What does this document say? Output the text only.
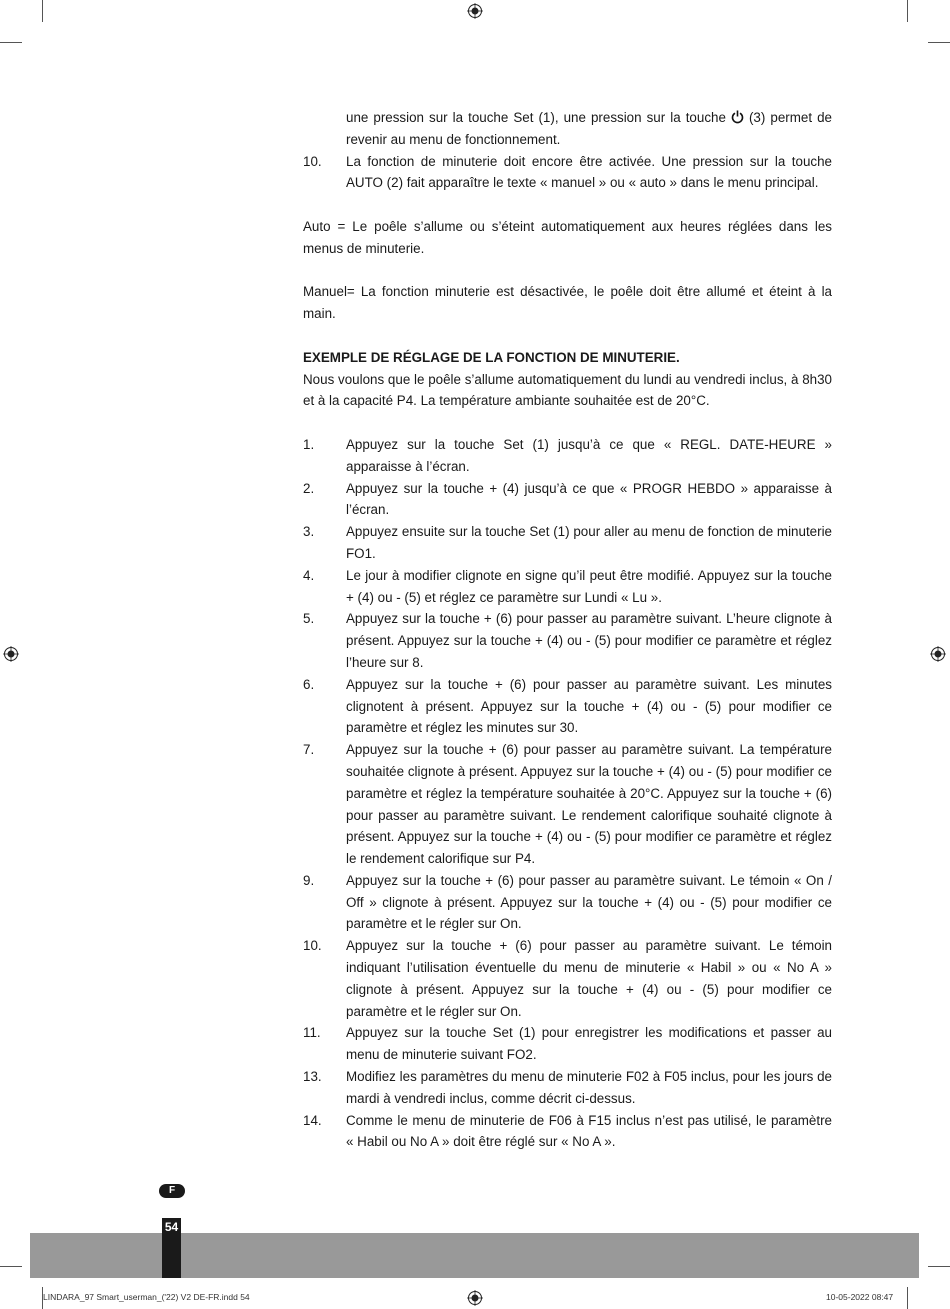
une pression sur la touche Set (1), une pression sur la touche  (3) permet de revenir au menu de fonctionnement.

10.	La fonction de minuterie doit encore être activée. Une pression sur la touche AUTO (2) fait apparaître le texte « manuel » ou « auto » dans le menu principal.

Auto = Le poêle s’allume ou s’éteint automatiquement aux heures réglées dans les menus de minuterie.

Manuel= La fonction minuterie est désactivée, le poêle doit être allumé et éteint à la main.

EXEMPLE DE RÉGLAGE DE LA FONCTION DE MINUTERIE.

Nous voulons que le poêle s’allume automatiquement du lundi au vendredi inclus, à 8h30 et à la capacité P4. La température ambiante souhaitée est de 20°C.

1.	Appuyez sur la touche Set (1) jusqu’à ce que « REGL. DATE-HEURE » apparaisse à l’écran.
2.	Appuyez sur la touche + (4) jusqu’à ce que « PROGR HEBDO » apparaisse à l’écran.
3.	Appuyez ensuite sur la touche Set (1) pour aller au menu de fonction de minuterie FO1.
4.	Le jour à modifier clignote en signe qu’il peut être modifié. Appuyez sur la touche + (4) ou - (5) et réglez ce paramètre sur Lundi « Lu ».
5.	Appuyez sur la touche + (6) pour passer au paramètre suivant. L’heure clignote à présent. Appuyez sur la touche + (4) ou - (5) pour modifier ce paramètre et réglez l’heure sur 8.
6.	Appuyez sur la touche + (6) pour passer au paramètre suivant. Les minutes clignotent à présent. Appuyez sur la touche + (4) ou - (5) pour modifier ce paramètre et réglez les minutes sur 30.
7.	Appuyez sur la touche + (6) pour passer au paramètre suivant. La température souhaitée clignote à présent. Appuyez sur la touche + (4) ou - (5) pour modifier ce paramètre et réglez la température souhaitée à 20°C. Appuyez sur la touche + (6) pour passer au paramètre suivant. Le rendement calorifique souhaité clignote à présent. Appuyez sur la touche + (4) ou - (5) pour modifier ce paramètre et réglez le rendement calorifique sur P4.
9.	Appuyez sur la touche + (6) pour passer au paramètre suivant. Le témoin « On / Off » clignote à présent. Appuyez sur la touche + (4) ou - (5) pour modifier ce paramètre et le régler sur On.
10.	Appuyez sur la touche + (6) pour passer au paramètre suivant. Le témoin indiquant l’utilisation éventuelle du menu de minuterie « Habil » ou « No A » clignote à présent. Appuyez sur la touche + (4) ou - (5) pour modifier ce paramètre et le régler sur On.
11.	Appuyez sur la touche Set (1) pour enregistrer les modifications et passer au menu de minuterie suivant FO2.
13.	Modifiez les paramètres du menu de minuterie F02 à F05 inclus, pour les jours de mardi à vendredi inclus, comme décrit ci-dessus.
14.	Comme le menu de minuterie de F06 à F15 inclus n’est pas utilisé, le paramètre « Habil ou No A » doit être réglé sur « No A ».
54
F
LINDARA_97 Smart_userman_('22) V2 DE-FR.indd 54	10-05-2022 08:47
